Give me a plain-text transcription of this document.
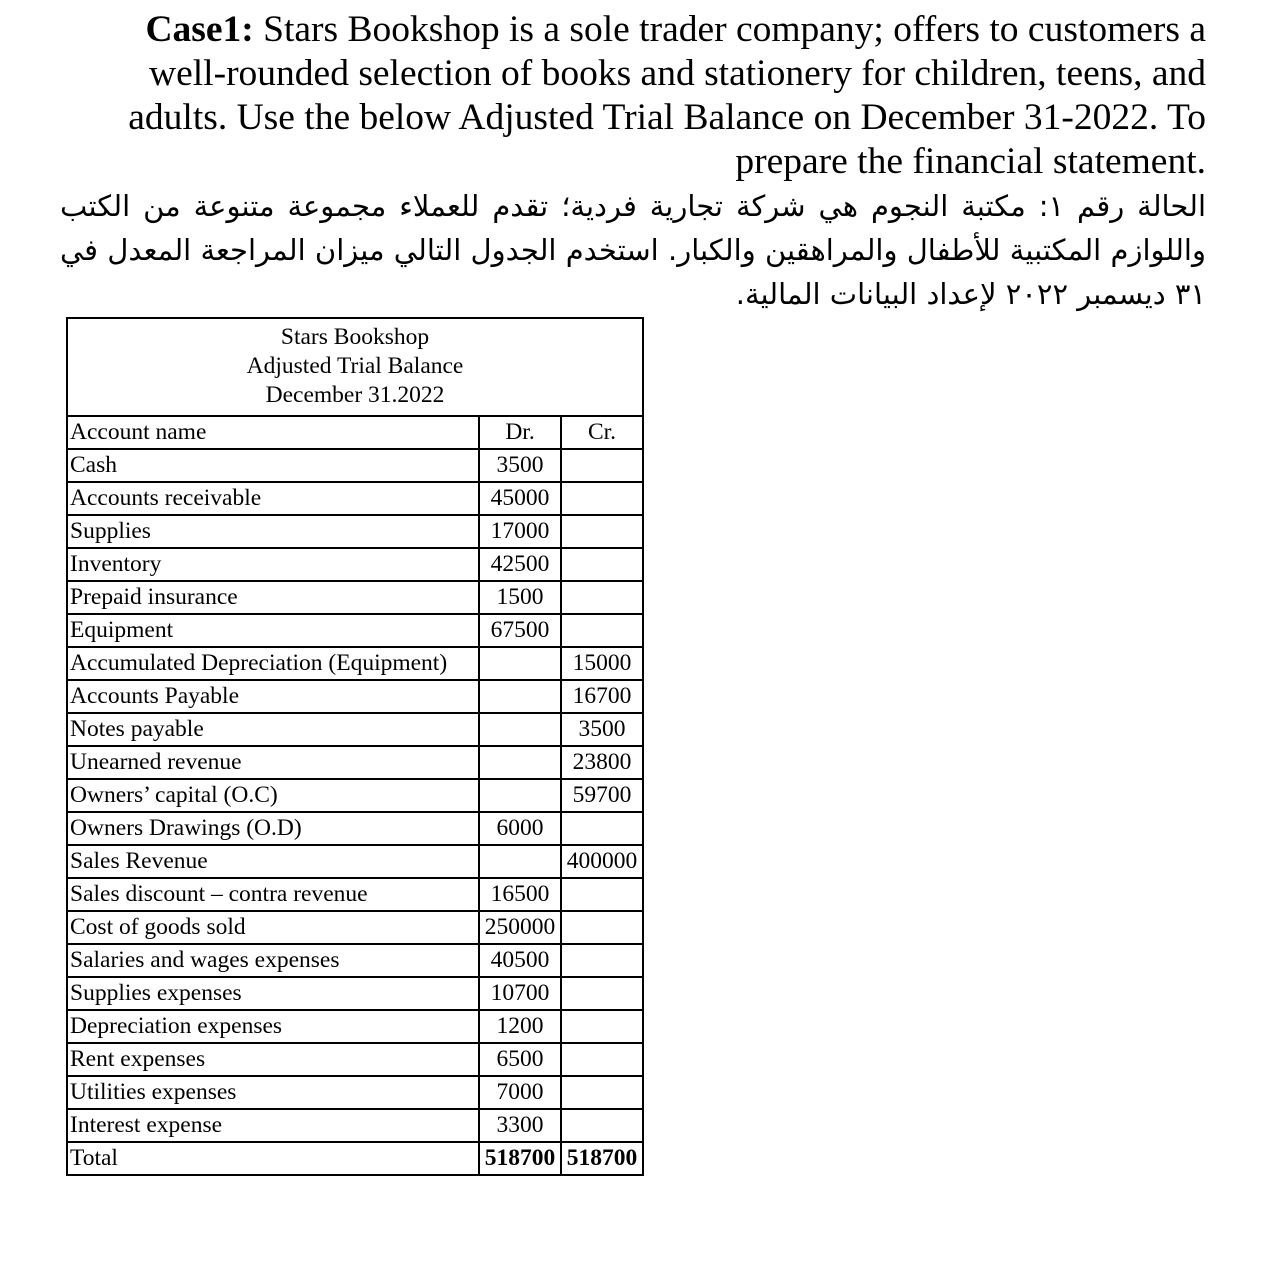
Case1: Stars Bookshop is a sole trader company; offers to customers a well-rounded selection of books and stationery for children, teens, and adults. Use the below Adjusted Trial Balance on December 31-2022. To prepare the financial statement.
الحالة رقم ١: مكتبة النجوم هي شركة تجارية فردية؛ تقدم للعملاء مجموعة متنوعة من الكتب واللوازم المكتبية للأطفال والمراهقين والكبار. استخدم الجدول التالي ميزان المراجعة المعدل في ٣١ ديسمبر ٢٠٢٢ لإعداد البيانات المالية.
Stars Bookshop
Adjusted Trial Balance
December 31.2022		

Account name	Dr.	Cr.
Cash	3500	
Accounts receivable	45000	
Supplies	17000	
Inventory	42500	
Prepaid insurance	1500	
Equipment	67500	
Accumulated Depreciation (Equipment)		15000
Accounts Payable		16700
Notes payable		3500
Unearned revenue		23800
Owners’ capital (O.C)		59700
Owners Drawings (O.D)	6000	
Sales Revenue		400000
Sales discount – contra revenue	16500	
Cost of goods sold	250000	
Salaries and wages expenses	40500	
Supplies expenses	10700	
Depreciation expenses	1200	
Rent expenses	6500	
Utilities expenses	7000	
Interest expense	3300	
Total	518700	518700
